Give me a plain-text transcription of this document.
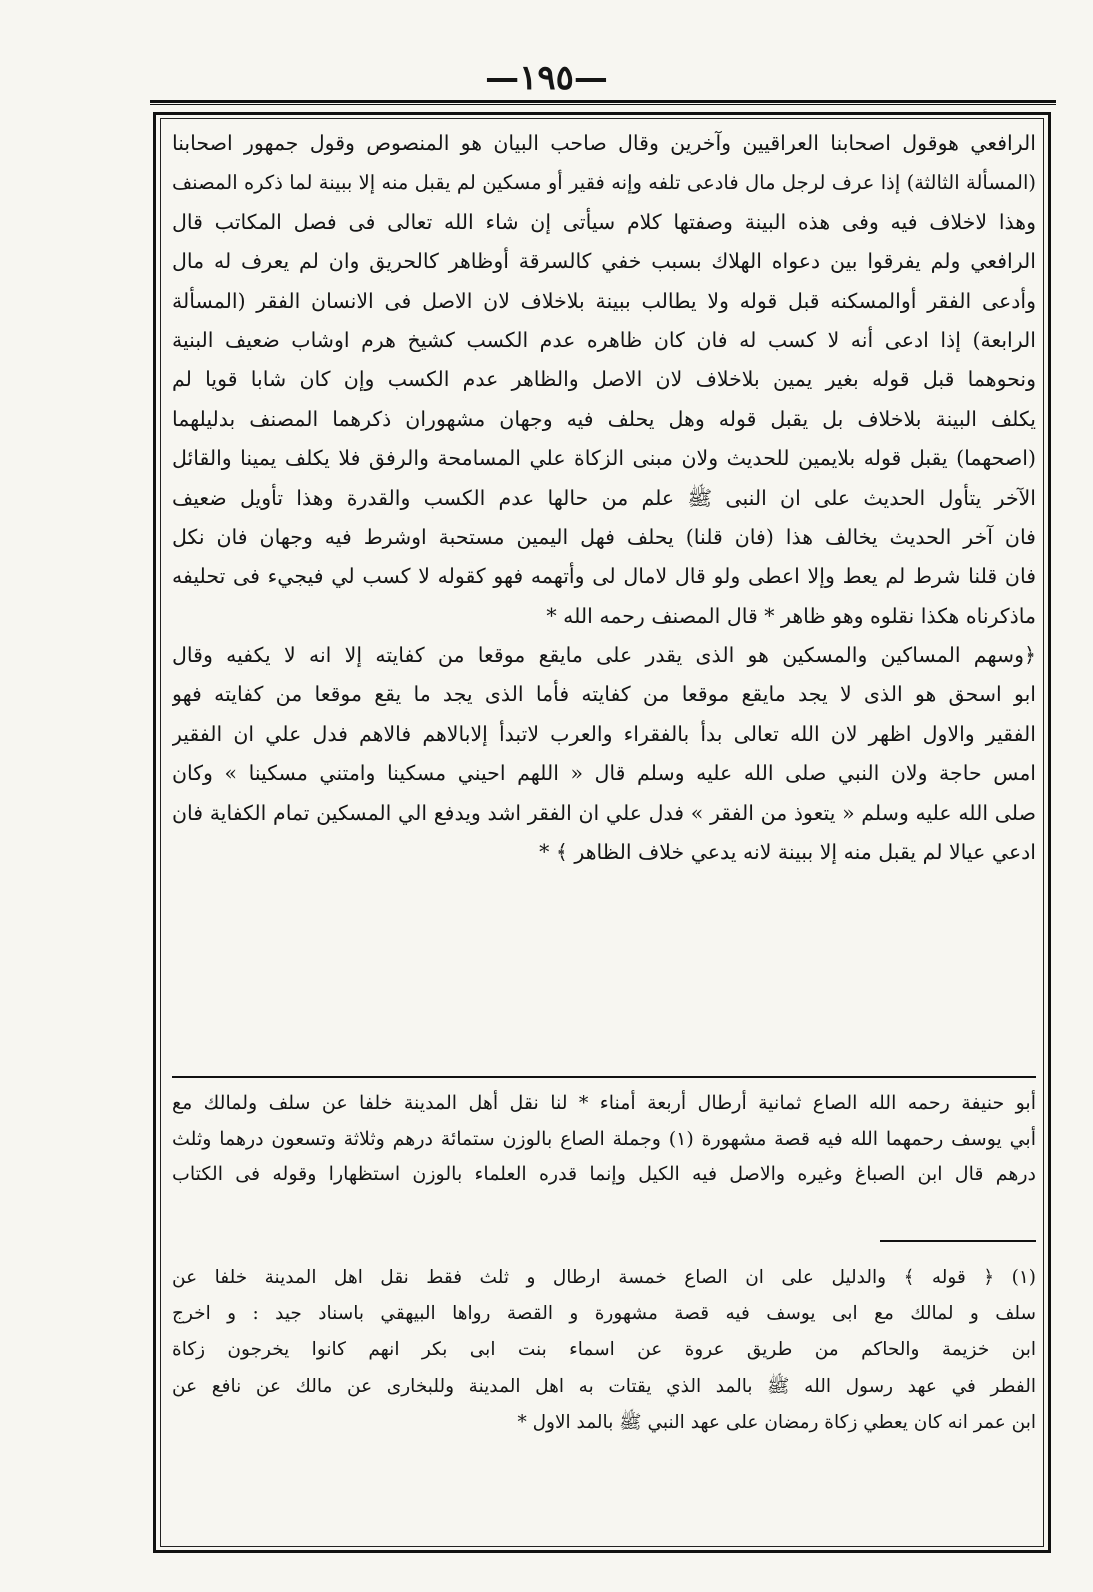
—١٩٥—
الرافعي هوقول اصحابنا العراقيين وآخرين وقال صاحب البيان هو المنصوص وقول جمهور اصحابنا
(المسألة الثالثة) إذا عرف لرجل مال فادعى تلفه وإنه فقير أو مسكين لم يقبل منه إلا ببينة لما ذكره المصنف
وهذا لاخلاف فيه وفى هذه البينة وصفتها كلام سيأتى إن شاء الله تعالى فى فصل المكاتب قال
الرافعي ولم يفرقوا بين دعواه الهلاك بسبب خفي كالسرقة أوظاهر كالحريق وان لم يعرف له مال
وأدعى الفقر أوالمسكنه قبل قوله ولا يطالب ببينة بلاخلاف لان الاصل فى الانسان الفقر (المسألة
الرابعة) إذا ادعى أنه لا كسب له فان كان ظاهره عدم الكسب كشيخ هرم اوشاب ضعيف البنية
ونحوهما قبل قوله بغير يمين بلاخلاف لان الاصل والظاهر عدم الكسب وإن كان شابا قويا لم
يكلف البينة بلاخلاف بل يقبل قوله وهل يحلف فيه وجهان مشهوران ذكرهما المصنف بدليلهما
(اصحهما) يقبل قوله بلايمين للحديث ولان مبنى الزكاة علي المسامحة والرفق فلا يكلف يمينا والقائل
الآخر يتأول الحديث على ان النبى ﷺ علم من حالها عدم الكسب والقدرة وهذا تأويل ضعيف
فان آخر الحديث يخالف هذا (فان قلنا) يحلف فهل اليمين مستحبة اوشرط فيه وجهان فان نكل
فان قلنا شرط لم يعط وإلا اعطى ولو قال لامال لى وأتهمه فهو كقوله لا كسب لي فيجيء فى تحليفه
ماذكرناه هكذا نقلوه وهو ظاهر * قال المصنف رحمه الله *
﴿وسهم المساكين والمسكين هو الذى يقدر على مايقع موقعا من كفايته إلا انه لا يكفيه وقال
ابو اسحق هو الذى لا يجد مايقع موقعا من كفايته فأما الذى يجد ما يقع موقعا من كفايته فهو
الفقير والاول اظهر لان الله تعالى بدأ بالفقراء والعرب لاتبدأ إلابالاهم فالاهم فدل علي ان الفقير
امس حاجة ولان النبي صلى الله عليه وسلم قال « اللهم احيني مسكينا وامتني مسكينا » وكان
صلى الله عليه وسلم « يتعوذ من الفقر » فدل علي ان الفقر اشد ويدفع الي المسكين تمام الكفاية فان
ادعي عيالا لم يقبل منه إلا ببينة لانه يدعي خلاف الظاهر ﴾ *
أبو حنيفة رحمه الله الصاع ثمانية أرطال أربعة أمناء * لنا نقل أهل المدينة خلفا عن سلف ولمالك مع
أبي يوسف رحمهما الله فيه قصة مشهورة (١) وجملة الصاع بالوزن ستمائة درهم وثلاثة وتسعون درهما وثلث
درهم قال ابن الصباغ وغيره والاصل فيه الكيل وإنما قدره العلماء بالوزن استظهارا وقوله فى الكتاب
(١) ﴿ قوله ﴾ والدليل على ان الصاع خمسة ارطال و ثلث فقط نقل اهل المدينة خلفا عن
سلف و لمالك مع ابى يوسف فيه قصة مشهورة و القصة رواها البيهقي باسناد جيد : و اخرج
ابن خزيمة والحاكم من طريق عروة عن اسماء بنت ابى بكر انهم كانوا يخرجون زكاة
الفطر في عهد رسول الله ﷺ بالمد الذي يقتات به اهل المدينة وللبخارى عن مالك عن نافع عن
ابن عمر انه كان يعطي زكاة رمضان على عهد النبي ﷺ بالمد الاول *
